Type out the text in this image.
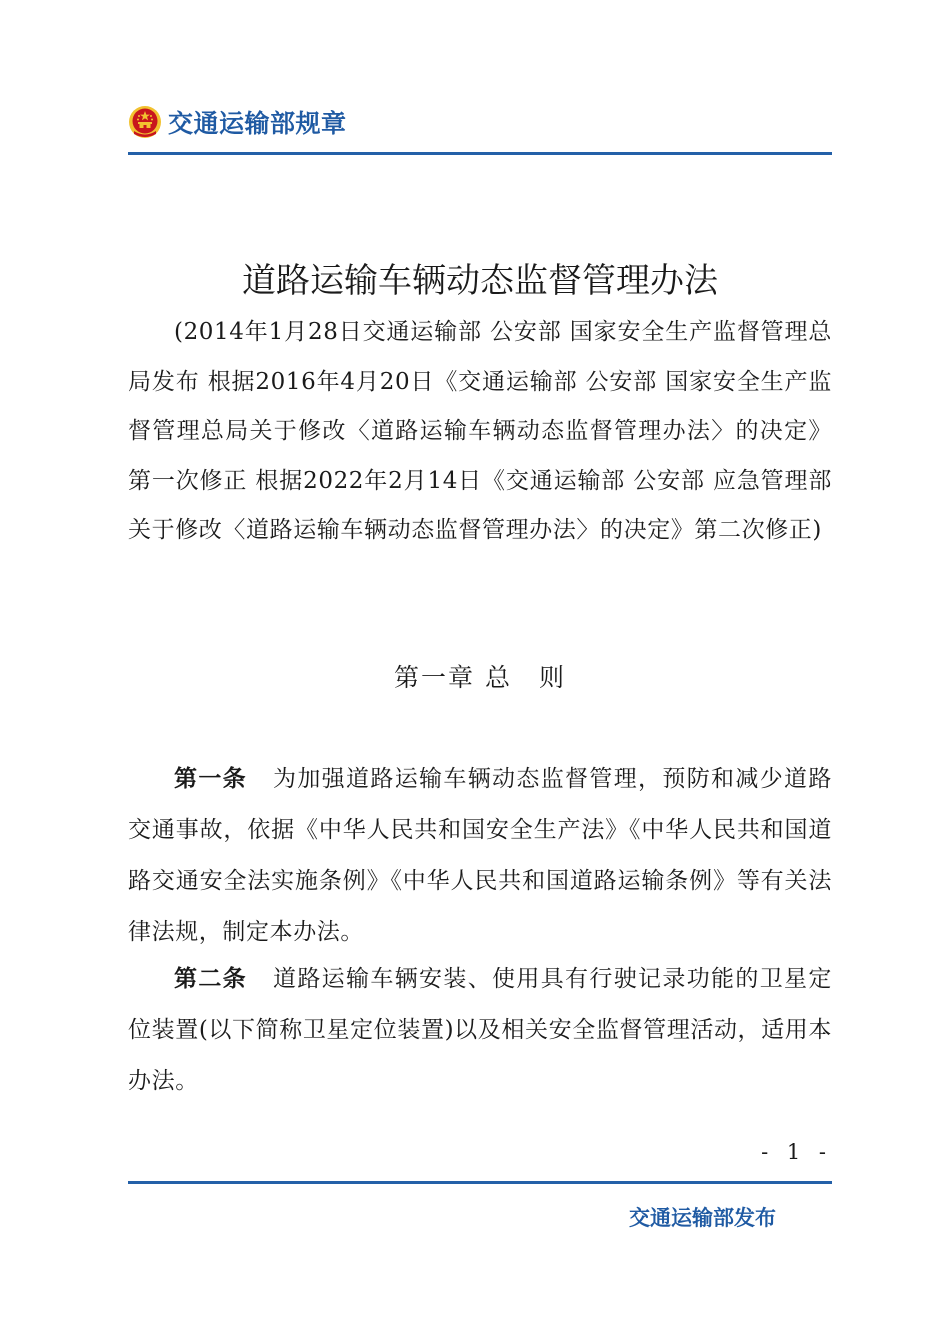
交通运输部规章
道路运输车辆动态监督管理办法
(2014年1月28日交通运输部 公安部 国家安全生产监督管理总局发布 根据2016年4月20日《交通运输部 公安部 国家安全生产监督管理总局关于修改〈道路运输车辆动态监督管理办法〉的决定》第一次修正 根据2022年2月14日《交通运输部 公安部 应急管理部关于修改〈道路运输车辆动态监督管理办法〉的决定》第二次修正)
第一章 总　则
第一条 为加强道路运输车辆动态监督管理，预防和减少道路交通事故，依据《中华人民共和国安全生产法》《中华人民共和国道路交通安全法实施条例》《中华人民共和国道路运输条例》等有关法律法规，制定本办法。
第二条 道路运输车辆安装、使用具有行驶记录功能的卫星定位装置(以下简称卫星定位装置)以及相关安全监督管理活动，适用本办法。
- 1 -
交通运输部发布
